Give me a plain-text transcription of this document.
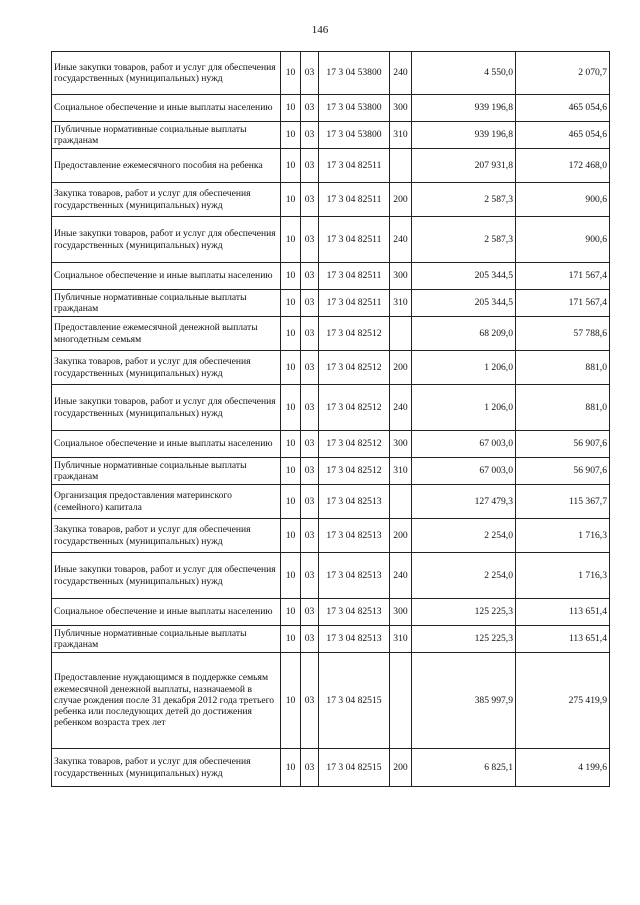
146
Иные закупки товаров, работ и услуг для обеспечения государственных (муниципальных) нужд	10	03	17 3 04 53800	240	4 550,0	2 070,7
Социальное обеспечение и иные выплаты населению	10	03	17 3 04 53800	300	939 196,8	465 054,6
Публичные нормативные социальные выплаты гражданам	10	03	17 3 04 53800	310	939 196,8	465 054,6
Предоставление ежемесячного пособия на ребенка	10	03	17 3 04 82511		207 931,8	172 468,0
Закупка товаров, работ и услуг для обеспечения государственных (муниципальных) нужд	10	03	17 3 04 82511	200	2 587,3	900,6
Иные закупки товаров, работ и услуг для обеспечения государственных (муниципальных) нужд	10	03	17 3 04 82511	240	2 587,3	900,6
Социальное обеспечение и иные выплаты населению	10	03	17 3 04 82511	300	205 344,5	171 567,4
Публичные нормативные социальные выплаты гражданам	10	03	17 3 04 82511	310	205 344,5	171 567,4
Предоставление ежемесячной денежной выплаты многодетным семьям	10	03	17 3 04 82512		68 209,0	57 788,6
Закупка товаров, работ и услуг для обеспечения государственных (муниципальных) нужд	10	03	17 3 04 82512	200	1 206,0	881,0
Иные закупки товаров, работ и услуг для обеспечения государственных (муниципальных) нужд	10	03	17 3 04 82512	240	1 206,0	881,0
Социальное обеспечение и иные выплаты населению	10	03	17 3 04 82512	300	67 003,0	56 907,6
Публичные нормативные социальные выплаты гражданам	10	03	17 3 04 82512	310	67 003,0	56 907,6
Организация предоставления материнского (семейного) капитала	10	03	17 3 04 82513		127 479,3	115 367,7
Закупка товаров, работ и услуг для обеспечения государственных (муниципальных) нужд	10	03	17 3 04 82513	200	2 254,0	1 716,3
Иные закупки товаров, работ и услуг для обеспечения государственных (муниципальных) нужд	10	03	17 3 04 82513	240	2 254,0	1 716,3
Социальное обеспечение и иные выплаты населению	10	03	17 3 04 82513	300	125 225,3	113 651,4
Публичные нормативные социальные выплаты гражданам	10	03	17 3 04 82513	310	125 225,3	113 651,4
Предоставление нуждающимся в поддержке семьям ежемесячной денежной выплаты, назначаемой в случае рождения после 31 декабря 2012 года третьего ребенка или последующих детей до достижения ребенком возраста трех лет	10	03	17 3 04 82515		385 997,9	275 419,9
Закупка товаров, работ и услуг для обеспечения государственных (муниципальных) нужд	10	03	17 3 04 82515	200	6 825,1	4 199,6
